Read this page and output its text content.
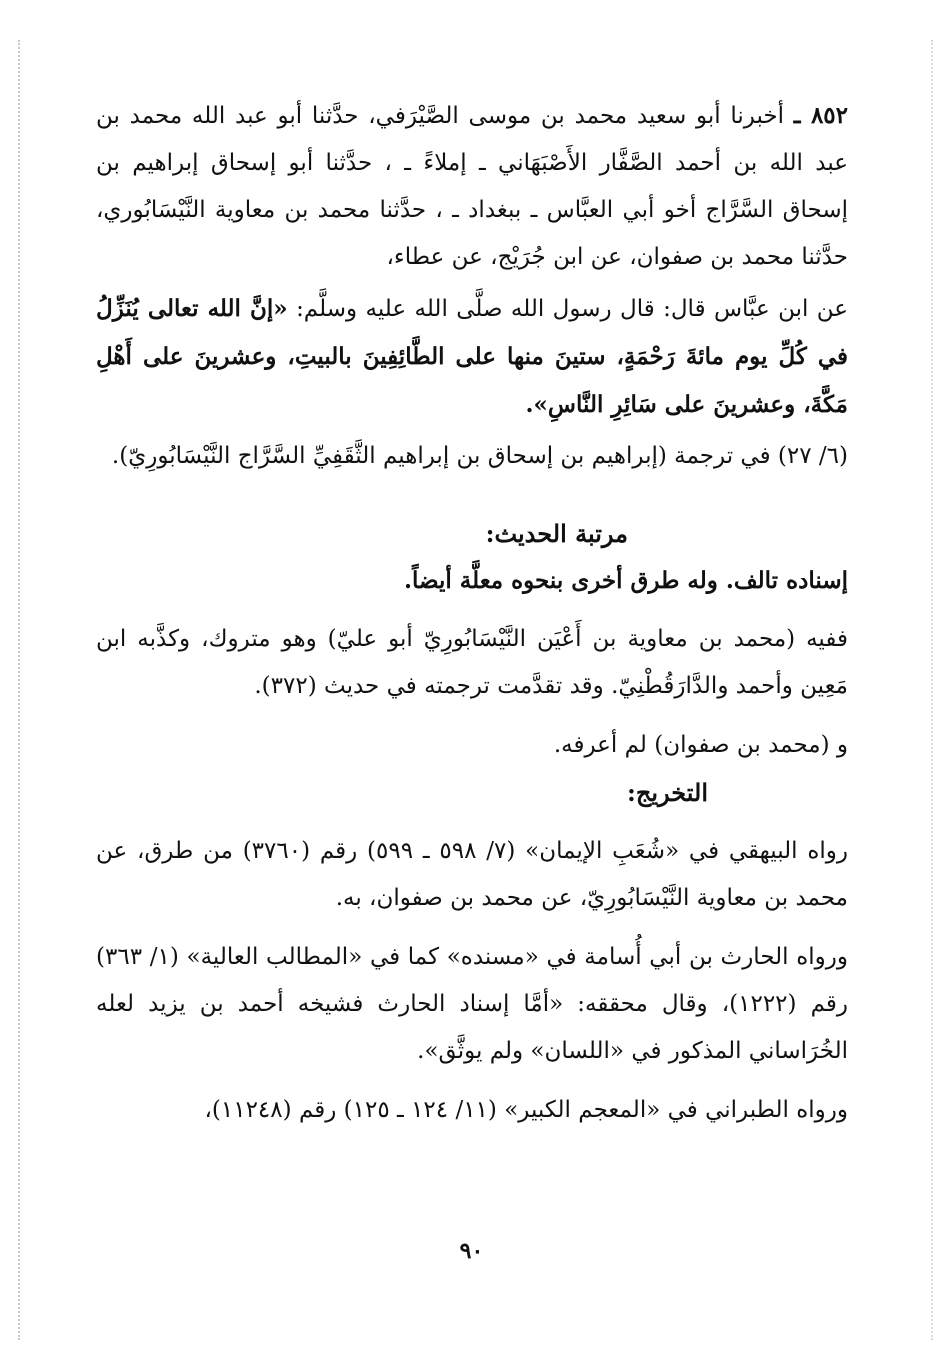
٨٥٢ ـ أخبرنا أبو سعيد محمد بن موسى الصَّيْرَفي، حدَّثنا أبو عبد الله محمد بن عبد الله بن أحمد الصَّفَّار الأَصْبَهَاني ـ إملاءً ـ ، حدَّثنا أبو إسحاق إبراهيم بن إسحاق السَّرَّاج أخو أبي العبَّاس ـ ببغداد ـ ، حدَّثنا محمد بن معاوية النَّيْسَابُوري، حدَّثنا محمد بن صفوان، عن ابن جُرَيْج، عن عطاء،

عن ابن عبَّاس قال: قال رسول الله صلَّى الله عليه وسلَّم: «إنَّ الله تعالى يُنَزِّلُ في كُلِّ يوم مائةَ رَحْمَةٍ، ستينَ منها على الطَّائِفِينَ بالبيتِ، وعشرينَ على أَهْلِ مَكَّةَ، وعشرينَ على سَائِرِ النَّاسِ».

(٦/ ٢٧) في ترجمة (إبراهيم بن إسحاق بن إبراهيم الثَّقَفِيِّ السَّرَّاج النَّيْسَابُورِيّ).

مرتبة الحديث:

إسناده تالف. وله طرق أخرى بنحوه معلَّة أيضاً.

ففيه (محمد بن معاوية بن أَعْيَن النَّيْسَابُورِيّ أبو عليّ) وهو متروك، وكذَّبه ابن مَعِين وأحمد والدَّارَقُطْنِيّ. وقد تقدَّمت ترجمته في حديث (٣٧٢).

و (محمد بن صفوان) لم أعرفه.

التخريج:

رواه البيهقي في «شُعَبِ الإيمان» (٧/ ٥٩٨ ـ ٥٩٩) رقم (٣٧٦٠) من طرق، عن محمد بن معاوية النَّيْسَابُورِيّ، عن محمد بن صفوان، به.

ورواه الحارث بن أبي أُسامة في «مسنده» كما في «المطالب العالية» (١/ ٣٦٣) رقم (١٢٢٢)، وقال محققه: «أمَّا إسناد الحارث فشيخه أحمد بن يزيد لعله الخُرَاساني المذكور في «اللسان» ولم يوثَّق».

ورواه الطبراني في «المعجم الكبير» (١١/ ١٢٤ ـ ١٢٥) رقم (١١٢٤٨)،

٩٠
